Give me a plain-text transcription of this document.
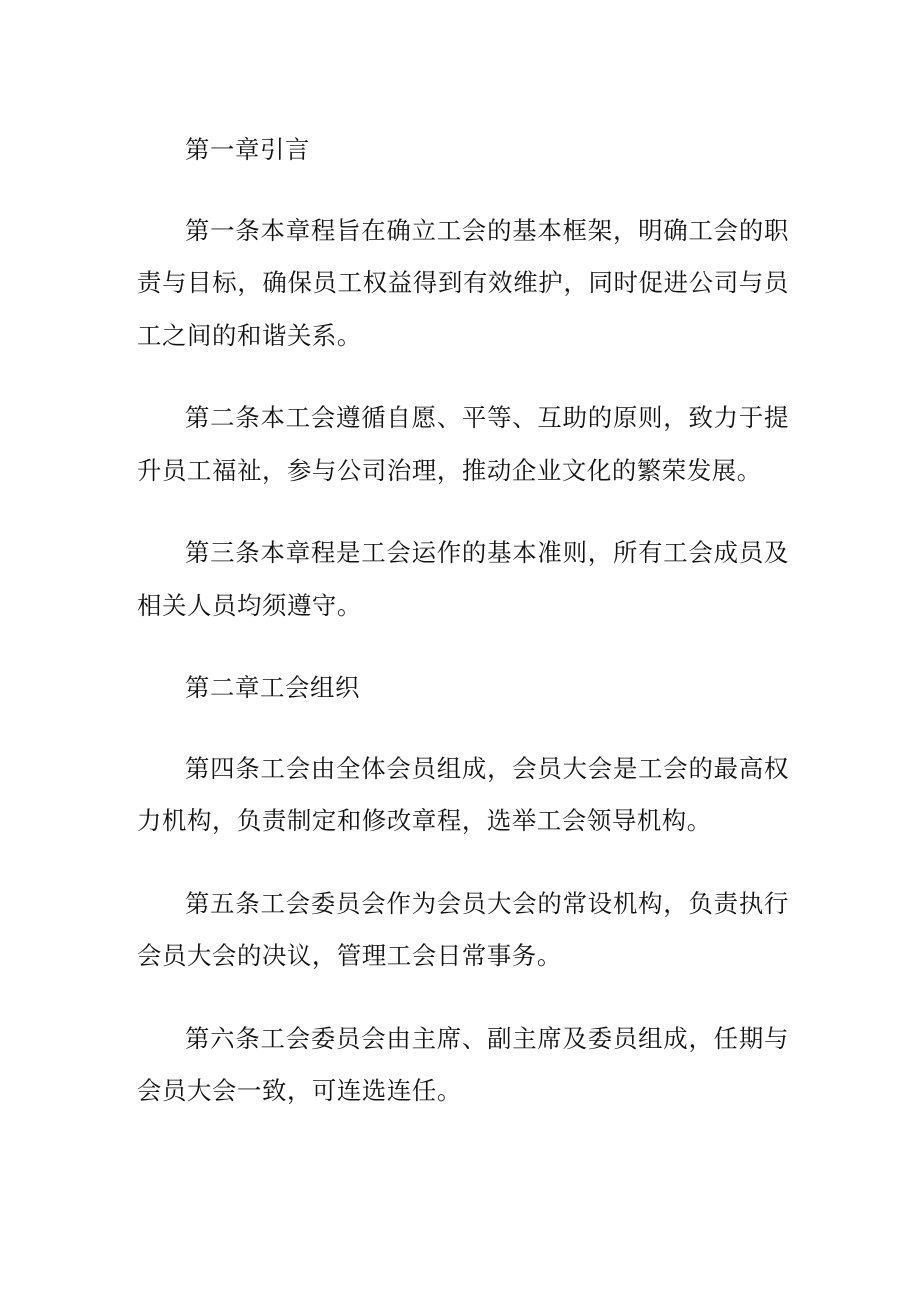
第一章引言

第一条本章程旨在确立工会的基本框架，明确工会的职责与目标，确保员工权益得到有效维护，同时促进公司与员工之间的和谐关系。

第二条本工会遵循自愿、平等、互助的原则，致力于提升员工福祉，参与公司治理，推动企业文化的繁荣发展。

第三条本章程是工会运作的基本准则，所有工会成员及相关人员均须遵守。

第二章工会组织

第四条工会由全体会员组成，会员大会是工会的最高权力机构，负责制定和修改章程，选举工会领导机构。

第五条工会委员会作为会员大会的常设机构，负责执行会员大会的决议，管理工会日常事务。

第六条工会委员会由主席、副主席及委员组成，任期与会员大会一致，可连选连任。
